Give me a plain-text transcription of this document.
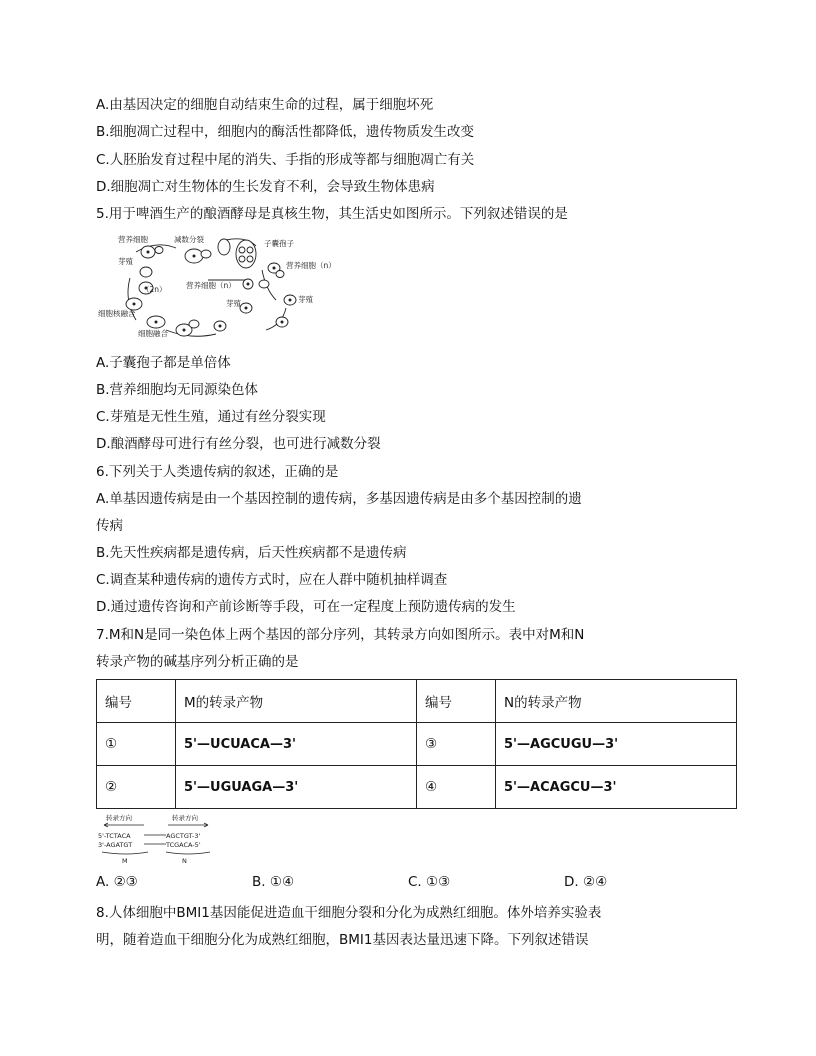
A.由基因决定的细胞自动结束生命的过程，属于细胞坏死
B.细胞凋亡过程中，细胞内的酶活性都降低，遗传物质发生改变
C.人胚胎发育过程中尾的消失、手指的形成等都与细胞凋亡有关
D.细胞凋亡对生物体的生长发育不利，会导致生物体患病
5.用于啤酒生产的酿酒酵母是真核生物，其生活史如图所示。下列叙述错误的是
营养细胞	减数分裂	子囊孢子
芽殖
（2n）	营养细胞（n）
营养细胞（n）
芽殖	芽殖
细胞核融合
细胞融合
A.子囊孢子都是单倍体
B.营养细胞均无同源染色体
C.芽殖是无性生殖，通过有丝分裂实现
D.酿酒酵母可进行有丝分裂，也可进行减数分裂
6.下列关于人类遗传病的叙述，正确的是
A.单基因遗传病是由一个基因控制的遗传病，多基因遗传病是由多个基因控制的遗
传病
B.先天性疾病都是遗传病，后天性疾病都不是遗传病
C.调查某种遗传病的遗传方式时，应在人群中随机抽样调查
D.通过遗传咨询和产前诊断等手段，可在一定程度上预防遗传病的发生
7.M和N是同一染色体上两个基因的部分序列，其转录方向如图所示。表中对M和N
转录产物的碱基序列分析正确的是
编号	M的转录产物	编号	N的转录产物
①	5'—UCUACA—3'	③	5'—AGCUGU—3'
②	5'—UGUAGA—3'	④	5'—ACAGCU—3'
转录方向	转录方向
5'-TCTACA
3'-AGATGT
AGCTGT-3'
TCGACA-5'
M	N
A. ②③	B. ①④	C. ①③	D. ②④
8.人体细胞中BMI1基因能促进造血干细胞分裂和分化为成熟红细胞。体外培养实验表
明，随着造血干细胞分化为成熟红细胞，BMI1基因表达量迅速下降。下列叙述错误
